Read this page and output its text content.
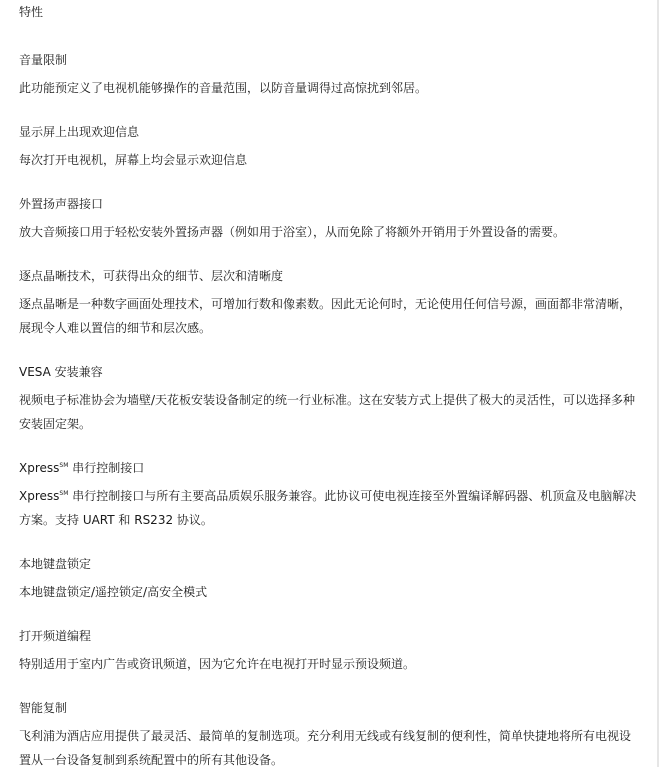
特性
音量限制
此功能预定义了电视机能够操作的音量范围，以防音量调得过高惊扰到邻居。
显示屏上出现欢迎信息
每次打开电视机，屏幕上均会显示欢迎信息
外置扬声器接口
放大音频接口用于轻松安装外置扬声器（例如用于浴室），从而免除了将额外开销用于外置设备的需要。
逐点晶晰技术，可获得出众的细节、层次和清晰度
逐点晶晰是一种数字画面处理技术，可增加行数和像素数。因此无论何时，无论使用任何信号源，画面都非常清晰，展现令人难以置信的细节和层次感。
VESA 安装兼容
视频电子标准协会为墙壁/天花板安装设备制定的统一行业标准。这在安装方式上提供了极大的灵活性，可以选择多种安装固定架。
Xpress℠ 串行控制接口
Xpress℠ 串行控制接口与所有主要高品质娱乐服务兼容。此协议可使电视连接至外置编译解码器、机顶盒及电脑解决方案。支持 UART 和 RS232 协议。
本地键盘锁定
本地键盘锁定/遥控锁定/高安全模式
打开频道编程
特别适用于室内广告或资讯频道，因为它允许在电视打开时显示预设频道。
智能复制
飞利浦为酒店应用提供了最灵活、最简单的复制选项。充分利用无线或有线复制的便利性，简单快捷地将所有电视设置从一台设备复制到系统配置中的所有其他设备。
